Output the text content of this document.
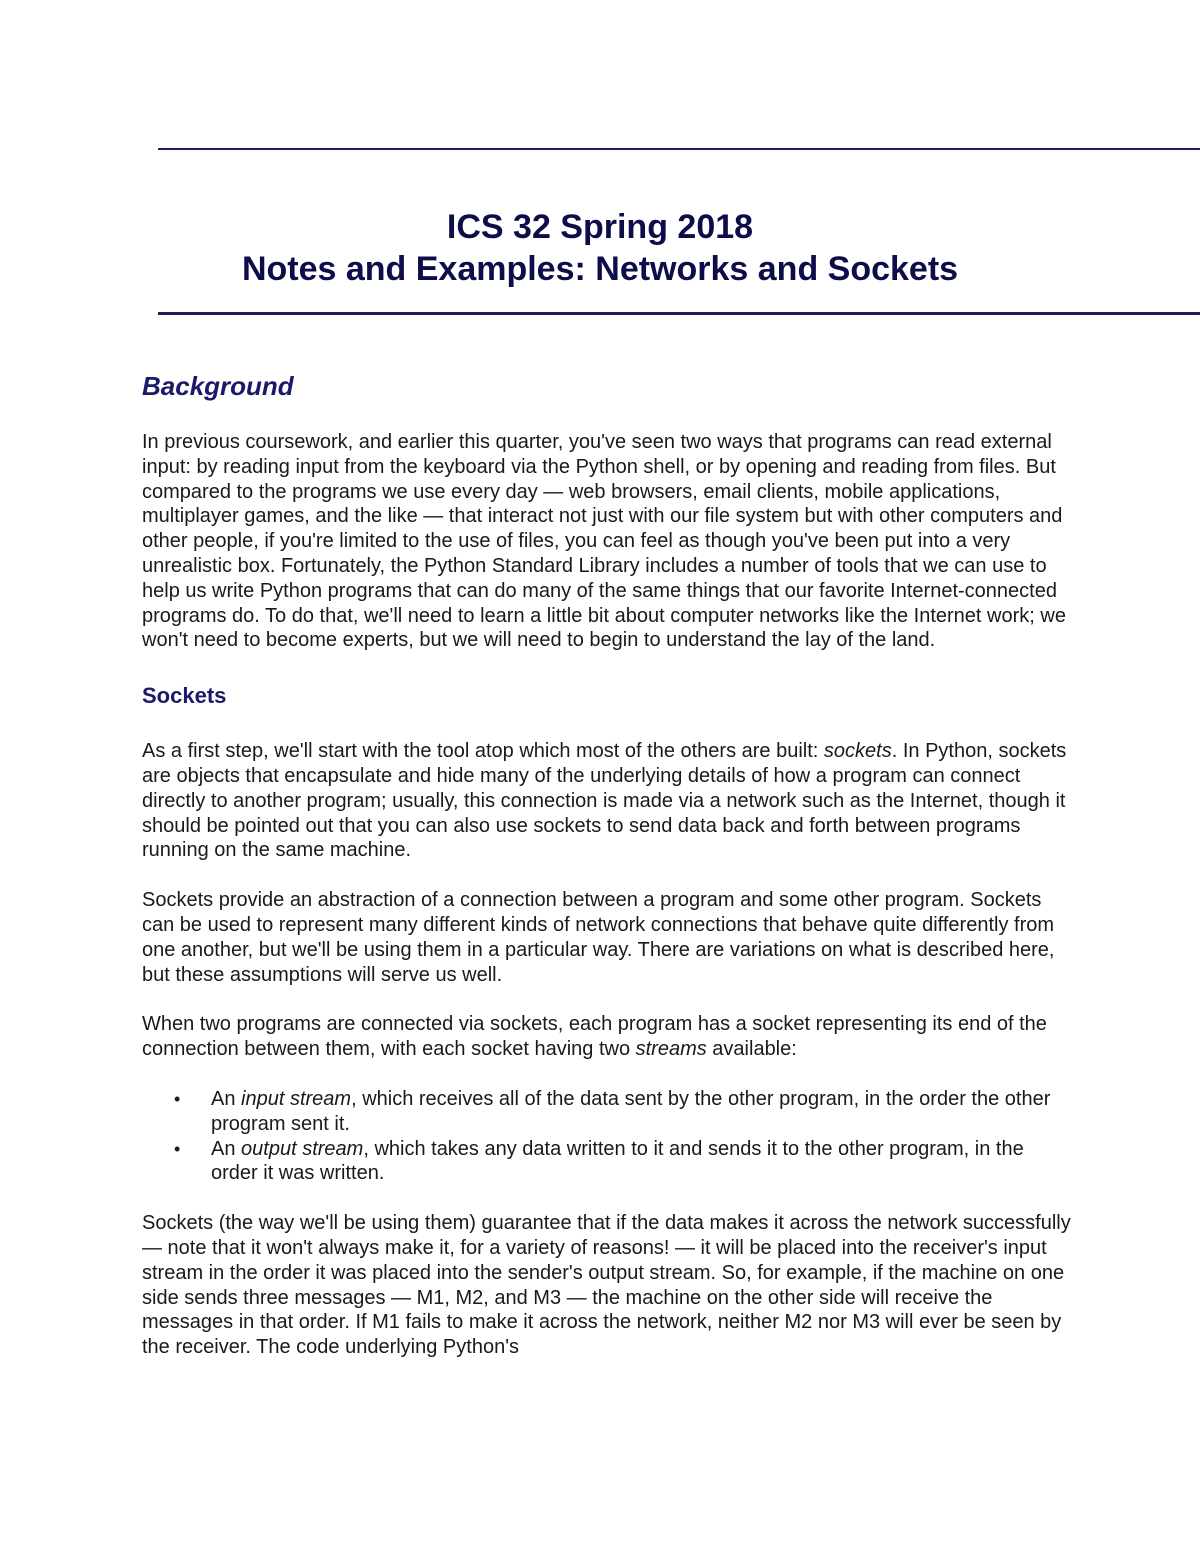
ICS 32 Spring 2018
Notes and Examples: Networks and Sockets
Background

In previous coursework, and earlier this quarter, you've seen two ways that programs can read external input: by reading input from the keyboard via the Python shell, or by opening and reading from files. But compared to the programs we use every day — web browsers, email clients, mobile applications, multiplayer games, and the like — that interact not just with our file system but with other computers and other people, if you're limited to the use of files, you can feel as though you've been put into a very unrealistic box. Fortunately, the Python Standard Library includes a number of tools that we can use to help us write Python programs that can do many of the same things that our favorite Internet-connected programs do. To do that, we'll need to learn a little bit about computer networks like the Internet work; we won't need to become experts, but we will need to begin to understand the lay of the land.

Sockets

As a first step, we'll start with the tool atop which most of the others are built: sockets. In Python, sockets are objects that encapsulate and hide many of the underlying details of how a program can connect directly to another program; usually, this connection is made via a network such as the Internet, though it should be pointed out that you can also use sockets to send data back and forth between programs running on the same machine.

Sockets provide an abstraction of a connection between a program and some other program. Sockets can be used to represent many different kinds of network connections that behave quite differently from one another, but we'll be using them in a particular way. There are variations on what is described here, but these assumptions will serve us well.

When two programs are connected via sockets, each program has a socket representing its end of the connection between them, with each socket having two streams available:

• An input stream, which receives all of the data sent by the other program, in the order the other program sent it.
• An output stream, which takes any data written to it and sends it to the other program, in the order it was written.

Sockets (the way we'll be using them) guarantee that if the data makes it across the network successfully — note that it won't always make it, for a variety of reasons! — it will be placed into the receiver's input stream in the order it was placed into the sender's output stream. So, for example, if the machine on one side sends three messages — M1, M2, and M3 — the machine on the other side will receive the messages in that order. If M1 fails to make it across the network, neither M2 nor M3 will ever be seen by the receiver. The code underlying Python's
